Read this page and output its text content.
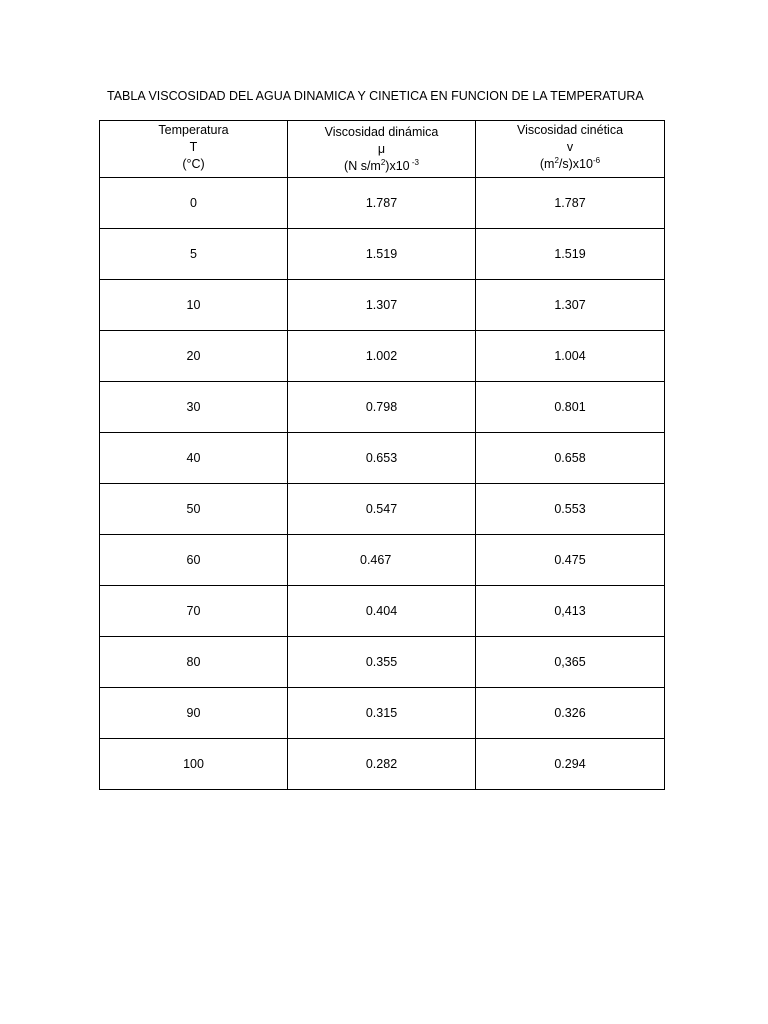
TABLA VISCOSIDAD DEL AGUA DINAMICA Y CINETICA EN FUNCION DE LA TEMPERATURA
Temperatura
T
(°C)	Viscosidad dinámica
μ
(N $s/m^2)x10$ $^{-3}$	Viscosidad cinética
v
$(m^2/s)x10^{-6}$

0	1.787	1.787
5	1.519	1.519
10	1.307	1.307
20	1.002	1.004
30	0.798	0.801
40	0.653	0.658
50	0.547	0.553
60	0.467	0.475
70	0.404	0,413
80	0.355	0,365
90	0.315	0.326
100	0.282	0.294
